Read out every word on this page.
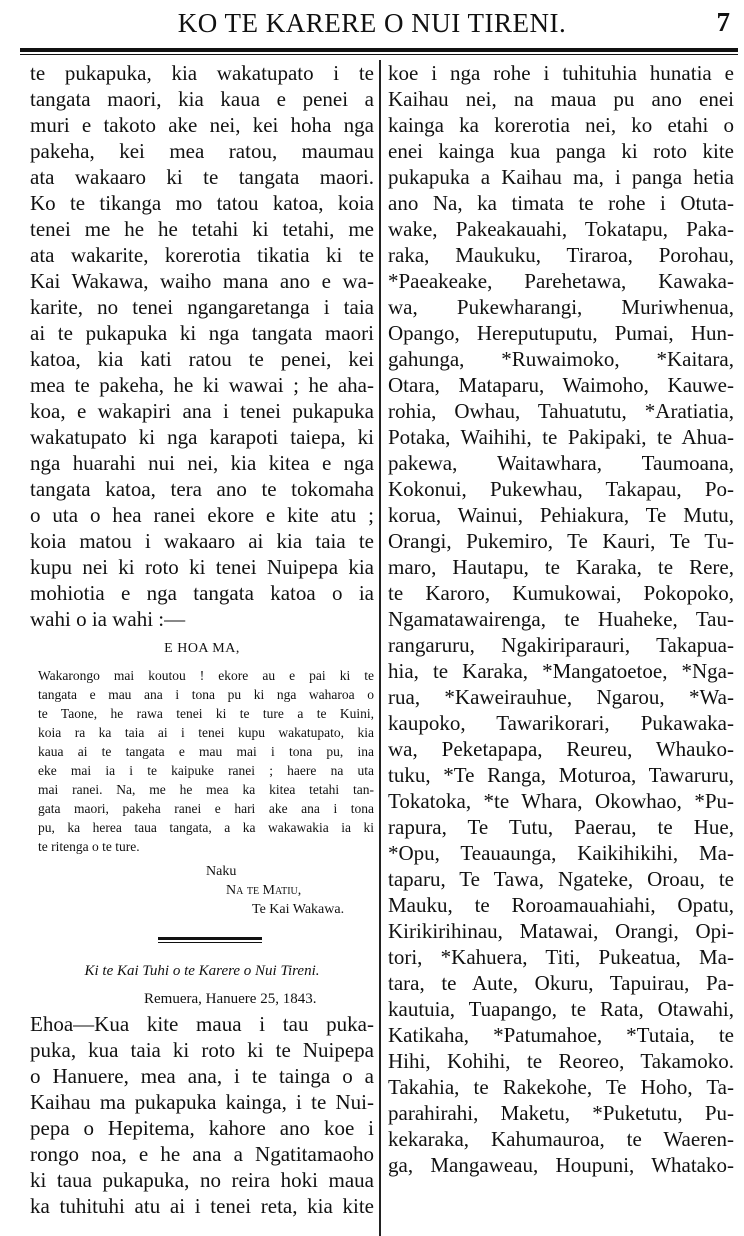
KO TE KARERE O NUI TIRENI.	7
te pukapuka, kia wakatupato i te
tangata maori, kia kaua e penei a
muri e takoto ake nei, kei hoha nga
pakeha, kei mea ratou, maumau
ata wakaaro ki te tangata maori.
Ko te tikanga mo tatou katoa, koia
tenei me he he tetahi ki tetahi, me
ata wakarite, korerotia tikatia ki te
Kai Wakawa, waiho mana ano e wa-
karite, no tenei ngangaretanga i taia
ai te pukapuka ki nga tangata maori
katoa, kia kati ratou te penei, kei
mea te pakeha, he ki wawai ; he aha-
koa, e wakapiri ana i tenei pukapuka
wakatupato ki nga karapoti taiepa, ki
nga huarahi nui nei, kia kitea e nga
tangata katoa, tera ano te tokomaha
o uta o hea ranei ekore e kite atu ;
koia matou i wakaaro ai kia taia te
kupu nei ki roto ki tenei Nuipepa kia
mohiotia e nga tangata katoa o ia
wahi o ia wahi :—
E HOA MA,
Wakarongo mai koutou ! ekore au e pai ki te
tangata e mau ana i tona pu ki nga waharoa o
te Taone, he rawa tenei ki te ture a te Kuini,
koia ra ka taia ai i tenei kupu wakatupato, kia
kaua ai te tangata e mau mai i tona pu, ina
eke mai ia i te kaipuke ranei ; haere na uta
mai ranei. Na, me he mea ka kitea tetahi tan-
gata maori, pakeha ranei e hari ake ana i tona
pu, ka herea taua tangata, a ka wakawakia ia ki
te ritenga o te ture.
Naku
Na te Matiu,
Te Kai Wakawa.
Ki te Kai Tuhi o te Karere o Nui Tireni.
Remuera, Hanuere 25, 1843.
Ehoa—Kua kite maua i tau puka-
puka, kua taia ki roto ki te Nuipepa
o Hanuere, mea ana, i te tainga o a
Kaihau ma pukapuka kainga, i te Nui-
pepa o Hepitema, kahore ano koe i
rongo noa, e he ana a Ngatitamaoho
ki taua pukapuka, no reira hoki maua
ka tuhituhi atu ai i tenei reta, kia kite
koe i nga rohe i tuhituhia hunatia e
Kaihau nei, na maua pu ano enei
kainga ka korerotia nei, ko etahi o
enei kainga kua panga ki roto kite
pukapuka a Kaihau ma, i panga hetia
ano Na, ka timata te rohe i Otuta-
wake, Pakeakauahi, Tokatapu, Paka-
raka, Maukuku, Tiraroa, Porohau,
*Paeakeake, Parehetawa, Kawaka-
wa, Pukewharangi, Muriwhenua,
Opango, Hereputuputu, Pumai, Hun-
gahunga, *Ruwaimoko, *Kaitara,
Otara, Mataparu, Waimoho, Kauwe-
rohia, Owhau, Tahuatutu, *Aratiatia,
Potaka, Waihihi, te Pakipaki, te Ahua-
pakewa, Waitawhara, Taumoana,
Kokonui, Pukewhau, Takapau, Po-
korua, Wainui, Pehiakura, Te Mutu,
Orangi, Pukemiro, Te Kauri, Te Tu-
maro, Hautapu, te Karaka, te Rere,
te Karoro, Kumukowai, Pokopoko,
Ngamatawairenga, te Huaheke, Tau-
rangaruru, Ngakiriparauri, Takapua-
hia, te Karaka, *Mangatoetoe, *Nga-
rua, *Kaweirauhue, Ngarou, *Wa-
kaupoko, Tawarikorari, Pukawaka-
wa, Peketapapa, Reureu, Whauko-
tuku, *Te Ranga, Moturoa, Tawaruru,
Tokatoka, *te Whara, Okowhao, *Pu-
rapura, Te Tutu, Paerau, te Hue,
*Opu, Teauaunga, Kaikihikihi, Ma-
taparu, Te Tawa, Ngateke, Oroau, te
Mauku, te Roroamauahiahi, Opatu,
Kirikirihinau, Matawai, Orangi, Opi-
tori, *Kahuera, Titi, Pukeatua, Ma-
tara, te Aute, Okuru, Tapuirau, Pa-
kautuia, Tuapango, te Rata, Otawahi,
Katikaha, *Patumahoe, *Tutaia, te
Hihi, Kohihi, te Reoreo, Takamoko.
Takahia, te Rakekohe, Te Hoho, Ta-
parahirahi, Maketu, *Puketutu, Pu-
kekaraka, Kahumauroa, te Waeren-
ga, Mangaweau, Houpuni, Whatako-
